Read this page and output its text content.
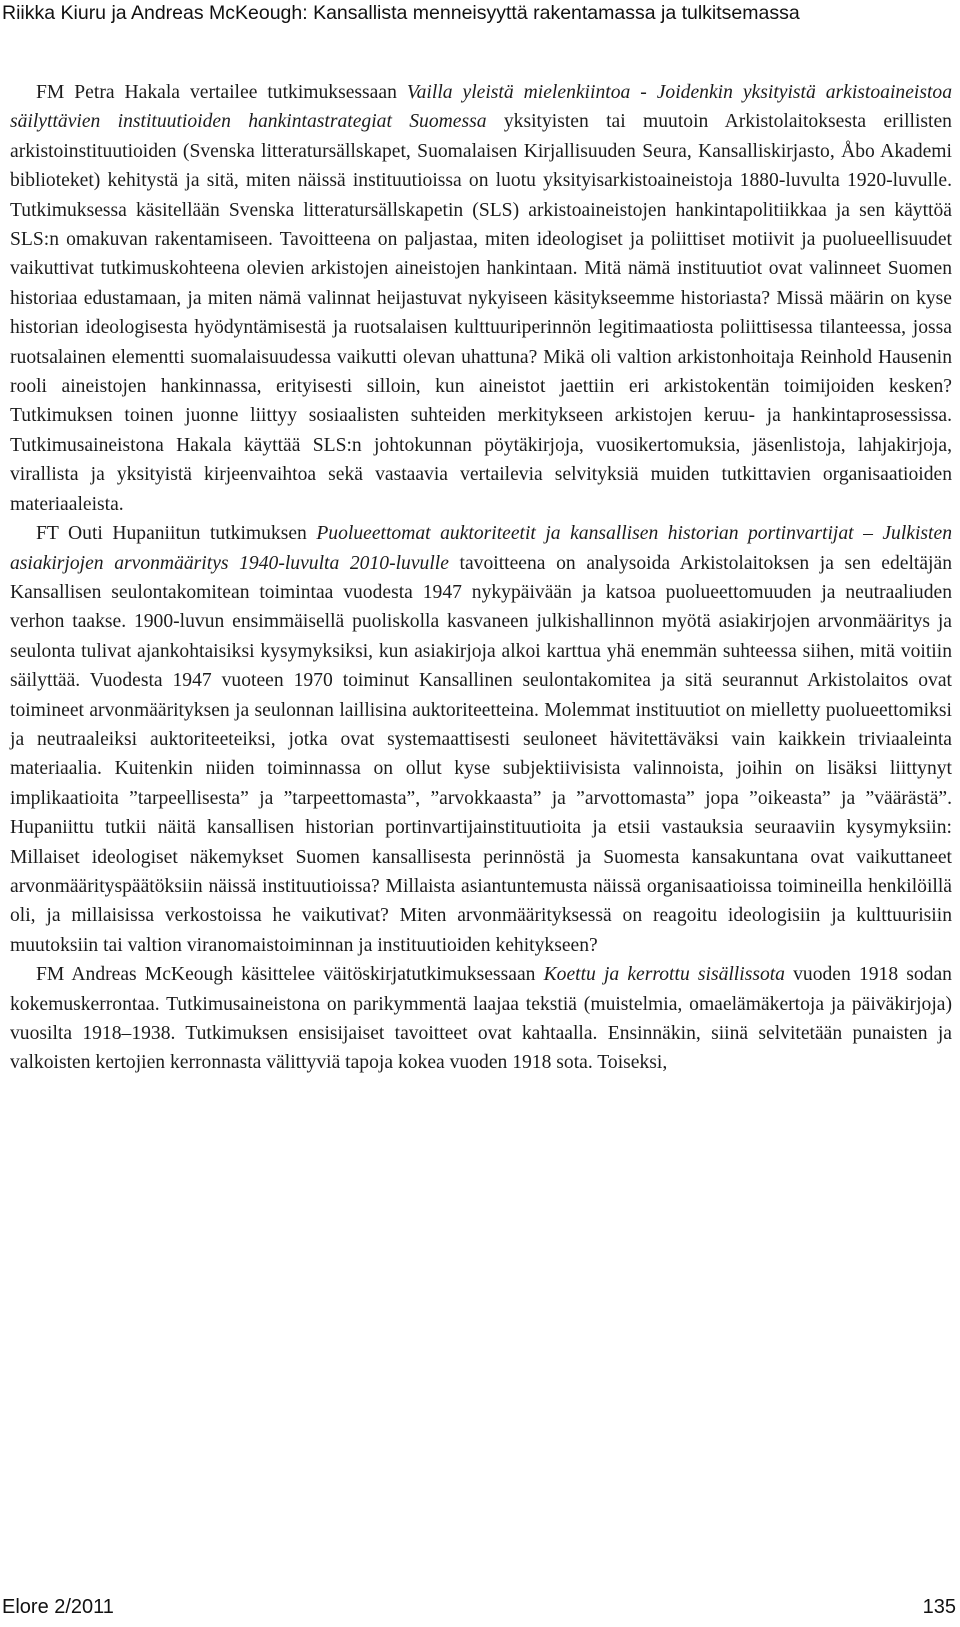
Riikka Kiuru ja Andreas McKeough: Kansallista menneisyyttä rakentamassa ja tulkitsemassa

FM Petra Hakala vertailee tutkimuksessaan Vailla yleistä mielenkiintoa - Joidenkin yksityistä arkistoaineistoa säilyttävien instituutioiden hankintastrategiat Suomessa yksityisten tai muutoin Arkistolaitoksesta erillisten arkistoinstituutioiden (Svenska litteratursällskapet, Suomalaisen Kirjallisuuden Seura, Kansalliskirjasto, Åbo Akademi biblioteket) kehitystä ja sitä, miten näissä instituutioissa on luotu yksityisarkistoaineistoja 1880-luvulta 1920-luvulle. Tutkimuksessa käsitellään Svenska litteratursällskapetin (SLS) arkistoaineistojen hankintapolitiikkaa ja sen käyttöä SLS:n omakuvan rakentamiseen. Tavoitteena on paljastaa, miten ideologiset ja poliittiset motiivit ja puolueellisuudet vaikuttivat tutkimuskohteena olevien arkistojen aineistojen hankintaan. Mitä nämä instituutiot ovat valinneet Suomen historiaa edustamaan, ja miten nämä valinnat heijastuvat nykyiseen käsitykseemme historiasta? Missä määrin on kyse historian ideologisesta hyödyntämisestä ja ruotsalaisen kulttuuriperinnön legitimaatiosta poliittisessa tilanteessa, jossa ruotsalainen elementti suomalaisuudessa vaikutti olevan uhattuna? Mikä oli valtion arkistonhoitaja Reinhold Hausenin rooli aineistojen hankinnassa, erityisesti silloin, kun aineistot jaettiin eri arkistokentän toimijoiden kesken? Tutkimuksen toinen juonne liittyy sosiaalisten suhteiden merkitykseen arkistojen keruu- ja hankintaprosessissa. Tutkimusaineistona Hakala käyttää SLS:n johtokunnan pöytäkirjoja, vuosikertomuksia, jäsenlistoja, lahjakirjoja, virallista ja yksityistä kirjeenvaihtoa sekä vastaavia vertailevia selvityksiä muiden tutkittavien organisaatioiden materiaaleista.

FT Outi Hupaniitun tutkimuksen Puolueettomat auktoriteetit ja kansallisen historian portinvartijat – Julkisten asiakirjojen arvonmääritys 1940-luvulta 2010-luvulle tavoitteena on analysoida Arkistolaitoksen ja sen edeltäjän Kansallisen seulontakomitean toimintaa vuodesta 1947 nykypäivään ja katsoa puolueettomuuden ja neutraaliuden verhon taakse. 1900-luvun ensimmäisellä puoliskolla kasvaneen julkishallinnon myötä asiakirjojen arvonmääritys ja seulonta tulivat ajankohtaisiksi kysymyksiksi, kun asiakirjoja alkoi karttua yhä enemmän suhteessa siihen, mitä voitiin säilyttää. Vuodesta 1947 vuoteen 1970 toiminut Kansallinen seulontakomitea ja sitä seurannut Arkistolaitos ovat toimineet arvonmäärityksen ja seulonnan laillisina auktoriteetteina. Molemmat instituutiot on mielletty puolueettomiksi ja neutraaleiksi auktoriteeteiksi, jotka ovat systemaattisesti seuloneet hävitettäväksi vain kaikkein triviaaleinta materiaalia. Kuitenkin niiden toiminnassa on ollut kyse subjektiivisista valinnoista, joihin on lisäksi liittynyt implikaatioita ”tarpeellisesta” ja ”tarpeettomasta”, ”arvokkaasta” ja ”arvottomasta” jopa ”oikeasta” ja ”väärästä”. Hupaniittu tutkii näitä kansallisen historian portinvartijainstituutioita ja etsii vastauksia seuraaviin kysymyksiin: Millaiset ideologiset näkemykset Suomen kansallisesta perinnöstä ja Suomesta kansakuntana ovat vaikuttaneet arvonmäärityspäätöksiin näissä instituutioissa? Millaista asiantuntemusta näissä organisaatioissa toimineilla henkilöillä oli, ja millaisissa verkostoissa he vaikutivat? Miten arvonmäärityksessä on reagoitu ideologisiin ja kulttuurisiin muutoksiin tai valtion viranomaistoiminnan ja instituutioiden kehitykseen?

FM Andreas McKeough käsittelee väitöskirjatutkimuksessaan Koettu ja kerrottu sisällissota vuoden 1918 sodan kokemuskerrontaa. Tutkimusaineistona on parikymmentä laajaa tekstiä (muistelmia, omaelämäkertoja ja päiväkirjoja) vuosilta 1918–1938. Tutkimuksen ensisijaiset tavoitteet ovat kahtaalla. Ensinnäkin, siinä selvitetään punaisten ja valkoisten kertojien kerronnasta välittyviä tapoja kokea vuoden 1918 sota. Toiseksi,

Elore 2/2011	135
